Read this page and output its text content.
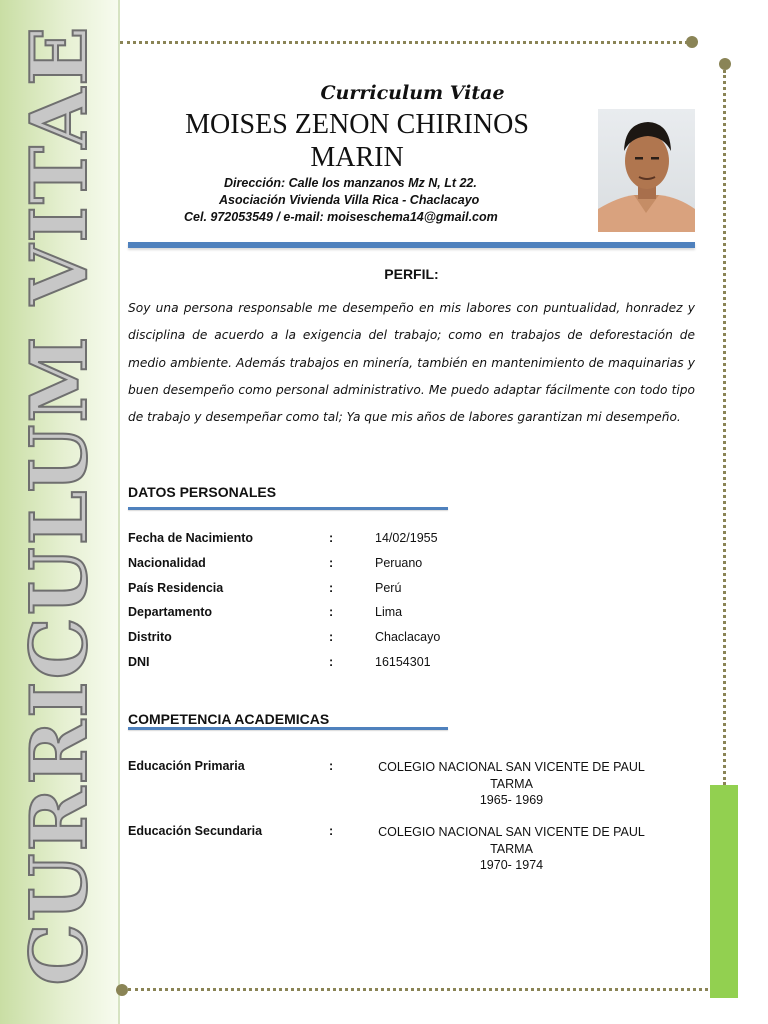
CURRICULUM VITAE	Curriculum Vitae
MOISES ZENON CHIRINOS MARIN
Dirección: Calle los manzanos Mz N, Lt 22.
Asociación Vivienda Villa Rica - Chaclacayo
Cel. 972053549 / e-mail: moiseschema14@gmail.com
PERFIL:

Soy una persona responsable me desempeño en mis labores con puntualidad, honradez y disciplina de acuerdo a la exigencia del trabajo; como en trabajos de deforestación de medio ambiente. Además trabajos en minería, también en mantenimiento de maquinarias y buen desempeño como personal administrativo. Me puedo adaptar fácilmente con todo tipo de trabajo y desempeñar como tal; Ya que mis años de labores garantizan mi desempeño.

DATOS PERSONALES
Fecha de Nacimiento	:	14/02/1955
Nacionalidad	:	Peruano
País Residencia	:	Perú
Departamento	:	Lima
Distrito	:	Chaclacayo
DNI	:	16154301
COMPETENCIA ACADEMICAS
Educación Primaria	:	COLEGIO NACIONAL SAN VICENTE DE PAUL
TARMA
1965- 1969
Educación Secundaria	:	COLEGIO NACIONAL SAN VICENTE DE PAUL
TARMA
1970- 1974
